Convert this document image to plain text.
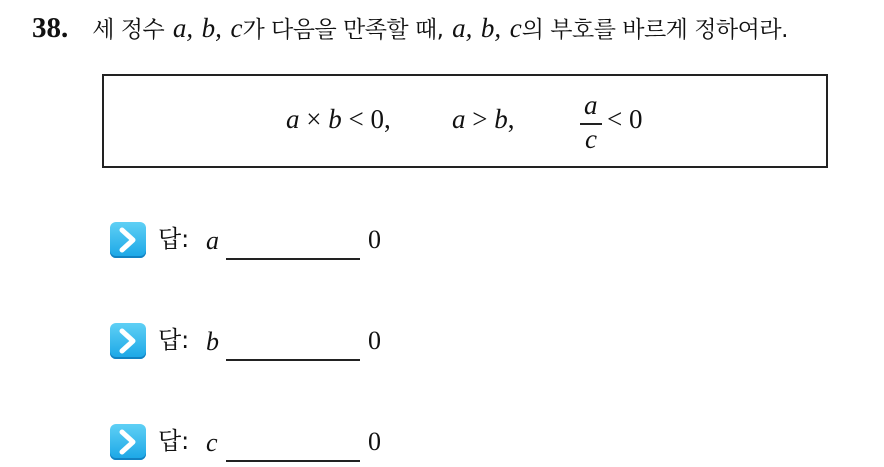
38. 세 정수 a, b, c가 다음을 만족할 때, a, b, c의 부호를 바르게 정하여라.
a × b < 0, a > b,	a
c
< 0
답: a	0
답: b	0
답: c	0
